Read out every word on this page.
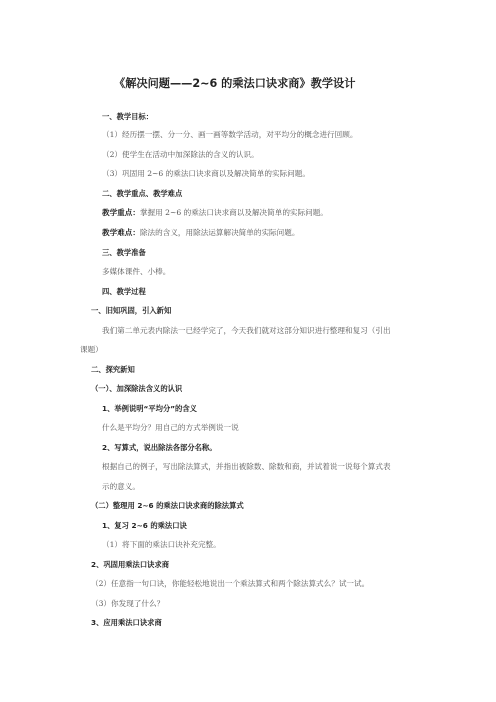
《解决问题——2~6 的乘法口诀求商》教学设计
一、教学目标：
（1）经历摆一摆、分一分、画一画等数学活动，对平均分的概念进行回顾。
（2）使学生在活动中加深除法的含义的认识。
（3）巩固用 2~6 的乘法口诀求商以及解决简单的实际问题。
二、教学重点、教学难点
教学重点：掌握用 2~6 的乘法口诀求商以及解决简单的实际问题。
教学难点：除法的含义，用除法运算解决简单的实际问题。
三、教学准备
多媒体课件、小棒。
四、教学过程
一、旧知巩固，引入新知
我们第二单元表内除法一已经学完了，今天我们就对这部分知识进行整理和复习（引出
课题）
二、探究新知
（一）、加深除法含义的认识
1、举例说明“平均分”的含义
什么是平均分？用自己的方式举例说一说
2、写算式，说出除法各部分名称。
根据自己的例子，写出除法算式，并指出被除数、除数和商，并试着说一说每个算式表
示的意义。
（二）整理用 2~6 的乘法口诀求商的除法算式
1、复习 2~6 的乘法口诀
（1）将下面的乘法口诀补充完整。
2、巩固用乘法口诀求商
（2）任意指一句口诀，你能轻松地说出一个乘法算式和两个除法算式么？试一试。
（3）你发现了什么？
3、应用乘法口诀求商
